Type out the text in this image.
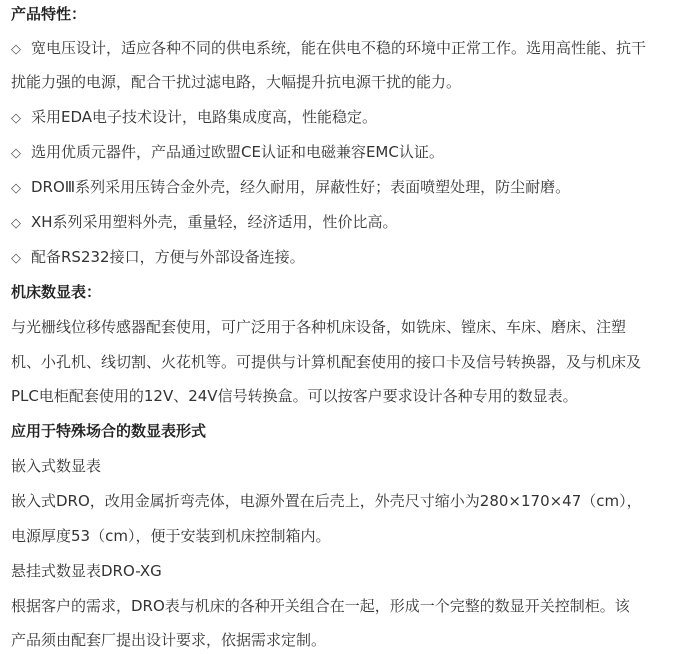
产品特性：
◇ 宽电压设计，适应各种不同的供电系统，能在供电不稳的环境中正常工作。选用高性能、抗干
扰能力强的电源，配合干扰过滤电路，大幅提升抗电源干扰的能力。
◇ 采用EDA电子技术设计，电路集成度高，性能稳定。
◇ 选用优质元器件，产品通过欧盟CE认证和电磁兼容EMC认证。
◇ DROⅢ系列采用压铸合金外壳，经久耐用，屏蔽性好；表面喷塑处理，防尘耐磨。
◇ XH系列采用塑料外壳，重量轻，经济适用，性价比高。
◇ 配备RS232接口，方便与外部设备连接。
机床数显表：
与光栅线位移传感器配套使用，可广泛用于各种机床设备，如铣床、镗床、车床、磨床、注塑
机、小孔机、线切割、火花机等。可提供与计算机配套使用的接口卡及信号转换器，及与机床及
PLC电柜配套使用的12V、24V信号转换盒。可以按客户要求设计各种专用的数显表。
应用于特殊场合的数显表形式
嵌入式数显表
嵌入式DRO，改用金属折弯壳体，电源外置在后壳上，外壳尺寸缩小为280×170×47（cm），
电源厚度53（cm），便于安装到机床控制箱内。
悬挂式数显表DRO-XG
根据客户的需求，DRO表与机床的各种开关组合在一起，形成一个完整的数显开关控制柜。该
产品须由配套厂提出设计要求，依据需求定制。
